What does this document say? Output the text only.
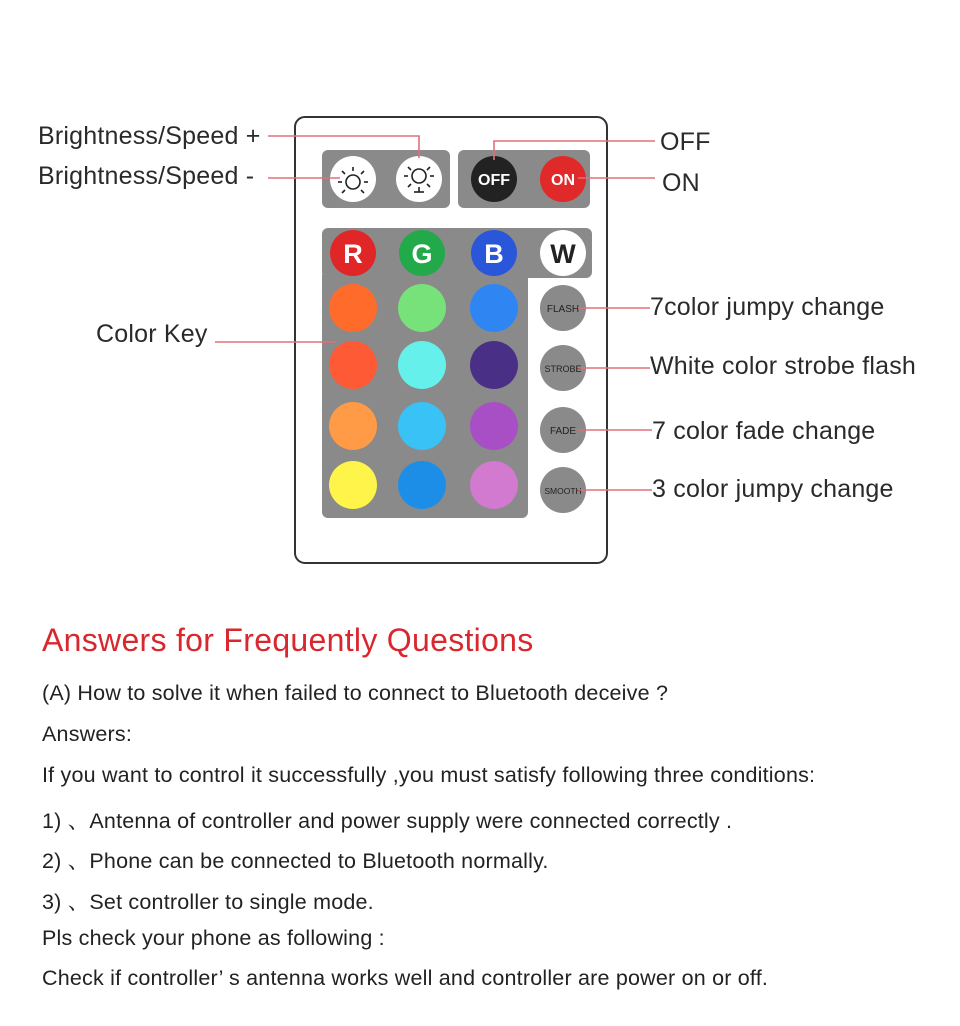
OFF	ON
R G B W
FLASH
STROBE
FADE
SMOOTH
Brightness/Speed +
Brightness/Speed -
OFF
ON
Color Key
7color jumpy change
White color strobe flash
7 color fade change
3 color jumpy change
Answers for Frequently Questions
(A) How to solve it when failed to connect to Bluetooth deceive ?
Answers:
If you want to control it successfully ,you must satisfy following three conditions:
1) 、Antenna of controller and power supply were connected correctly .
2) 、Phone can be connected to Bluetooth normally.
3) 、Set controller to single mode.
Pls check your phone as following :
Check if controller’ s antenna works well and controller are power on or off.
